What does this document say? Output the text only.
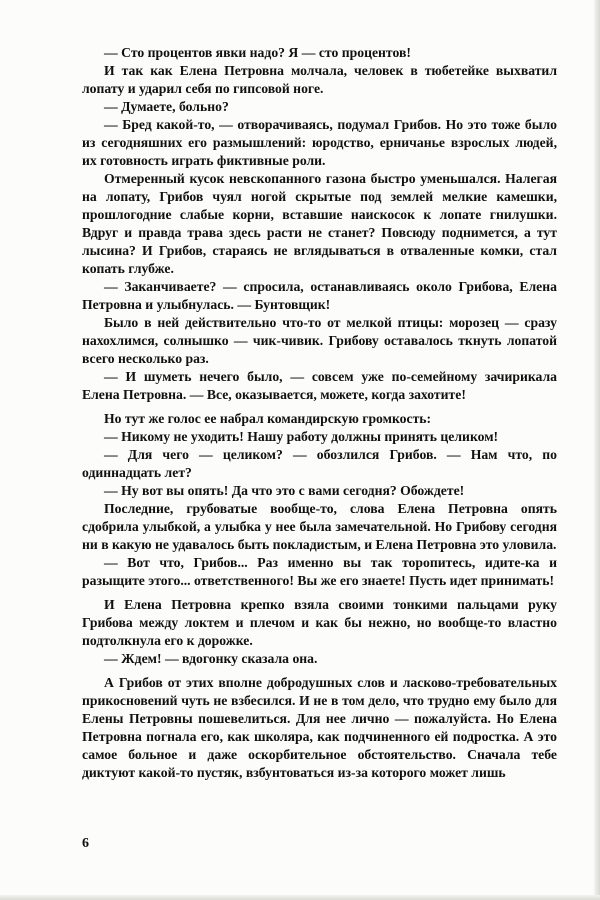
— Сто процентов явки надо? Я — сто процентов!

И так как Елена Петровна молчала, человек в тюбетейке выхватил лопату и ударил себя по гипсовой ноге.

— Думаете, больно?

— Бред какой-то, — отворачиваясь, подумал Грибов. Но это тоже было из сегодняшних его размышлений: юродство, ерничанье взрослых людей, их готовность играть фиктивные роли.

Отмеренный кусок невскопанного газона быстро уменьшался. Налегая на лопату, Грибов чуял ногой скрытые под землей мелкие камешки, прошлогодние слабые корни, вставшие наискосок к лопате гнилушки. Вдруг и правда трава здесь расти не станет? Повсюду поднимется, а тут лысина? И Грибов, стараясь не вглядываться в отваленные комки, стал копать глубже.

— Заканчиваете? — спросила, останавливаясь около Грибова, Елена Петровна и улыбнулась. — Бунтовщик!

Было в ней действительно что-то от мелкой птицы: морозец — сразу нахохлимся, солнышко — чик-чивик. Грибову оставалось ткнуть лопатой всего несколько раз.

— И шуметь нечего было, — совсем уже по-семейному зачирикала Елена Петровна. — Все, оказывается, можете, когда захотите!

Но тут же голос ее набрал командирскую громкость:

— Никому не уходить! Нашу работу должны принять целиком!

— Для чего — целиком? — обозлился Грибов. — Нам что, по одиннадцать лет?

— Ну вот вы опять! Да что это с вами сегодня? Обождете!

Последние, грубоватые вообще-то, слова Елена Петровна опять сдобрила улыбкой, а улыбка у нее была замечательной. Но Грибову сегодня ни в какую не удавалось быть покладистым, и Елена Петровна это уловила.

— Вот что, Грибов... Раз именно вы так торопитесь, идите-ка и разыщите этого... ответственного! Вы же его знаете! Пусть идет принимать!

И Елена Петровна крепко взяла своими тонкими пальцами руку Грибова между локтем и плечом и как бы нежно, но вообще-то властно подтолкнула его к дорожке.

— Ждем! — вдогонку сказала она.

А Грибов от этих вполне добродушных слов и ласково-требовательных прикосновений чуть не взбесился. И не в том дело, что трудно ему было для Елены Петровны пошевелиться. Для нее лично — пожалуйста. Но Елена Петровна погнала его, как школяра, как подчиненного ей подростка. А это самое больное и даже оскорбительное обстоятельство. Сначала тебе диктуют какой-то пустяк, взбунтоваться из-за которого может лишь

6
